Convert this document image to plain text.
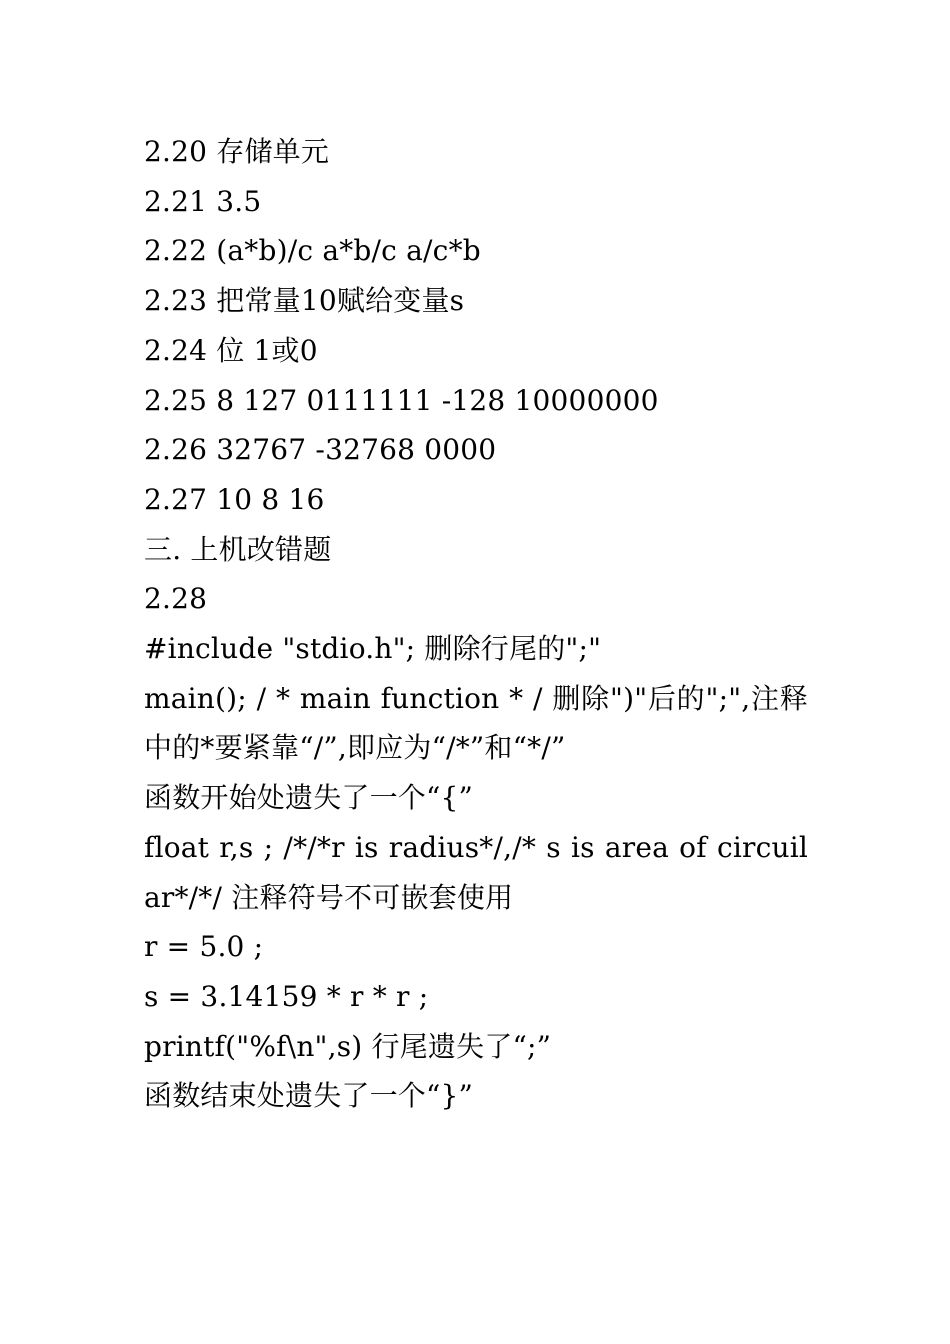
2.20 存储单元
2.21 3.5
2.22 (a*b)/c a*b/c a/c*b
2.23 把常量10赋给变量s
2.24 位 1或0
2.25 8 127 0111111 -128 10000000
2.26 32767 -32768 0000
2.27 10 8 16
三. 上机改错题
2.28
#include "stdio.h"; 删除行尾的";"
main(); / * main function * / 删除")"后的";",注释中的*要紧靠“/”,即应为“/*”和“*/”
函数开始处遗失了一个“{”
float r,s ; /*/*r is radius*/,/* s is area of circuilar*/*/ 注释符号不可嵌套使用
r = 5.0 ;
s = 3.14159 * r * r ;
printf("%f\n",s) 行尾遗失了“;”
函数结束处遗失了一个“}”
